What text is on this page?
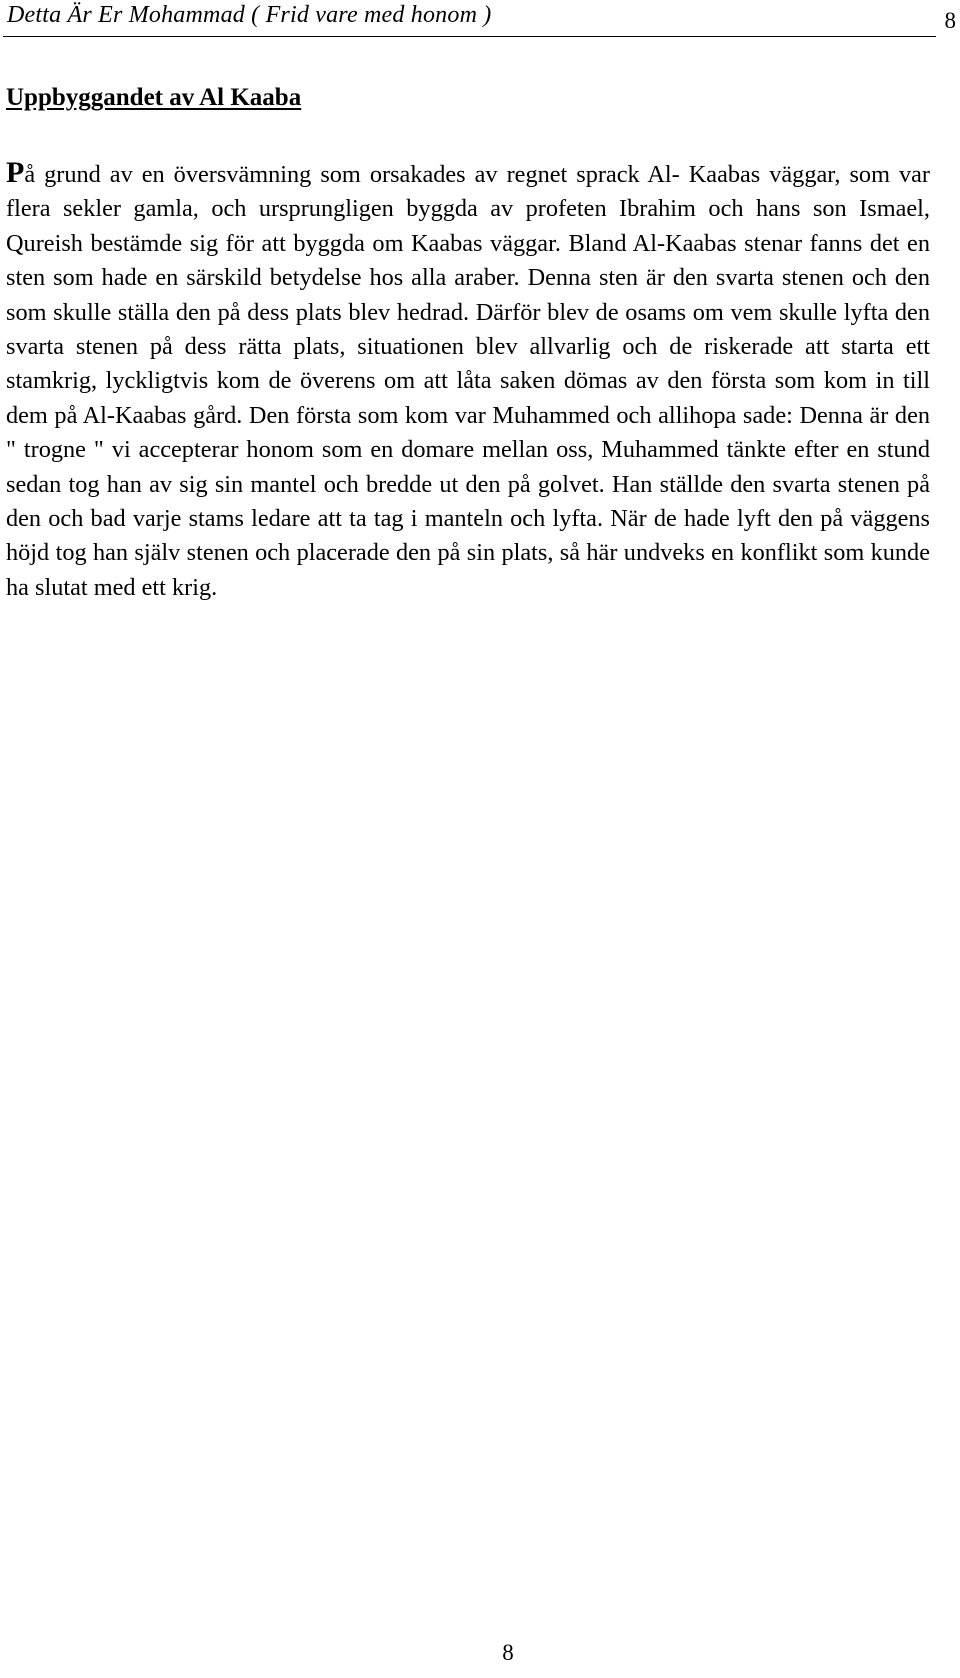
Detta Är Er Mohammad ( Frid vare med honom )	8
Uppbyggandet av Al Kaaba

På grund av en översvämning som orsakades av regnet sprack Al- Kaabas väggar, som var flera sekler gamla, och ursprungligen byggda av profeten Ibrahim och hans son Ismael, Qureish bestämde sig för att byggda om Kaabas väggar. Bland Al-Kaabas stenar fanns det en sten som hade en särskild betydelse hos alla araber. Denna sten är den svarta stenen och den som skulle ställa den på dess plats blev hedrad. Därför blev de osams om vem skulle lyfta den svarta stenen på dess rätta plats, situationen blev allvarlig och de riskerade att starta ett stamkrig, lyckligtvis kom de överens om att låta saken dömas av den första som kom in till dem på Al-Kaabas gård. Den första som kom var Muhammed och allihopa sade: Denna är den " trogne " vi accepterar honom som en domare mellan oss, Muhammed tänkte efter en stund sedan tog han av sig sin mantel och bredde ut den på golvet. Han ställde den svarta stenen på den och bad varje stams ledare att ta tag i manteln och lyfta. När de hade lyft den på väggens höjd tog han själv stenen och placerade den på sin plats, så här undveks en konflikt som kunde ha slutat med ett krig.

8
